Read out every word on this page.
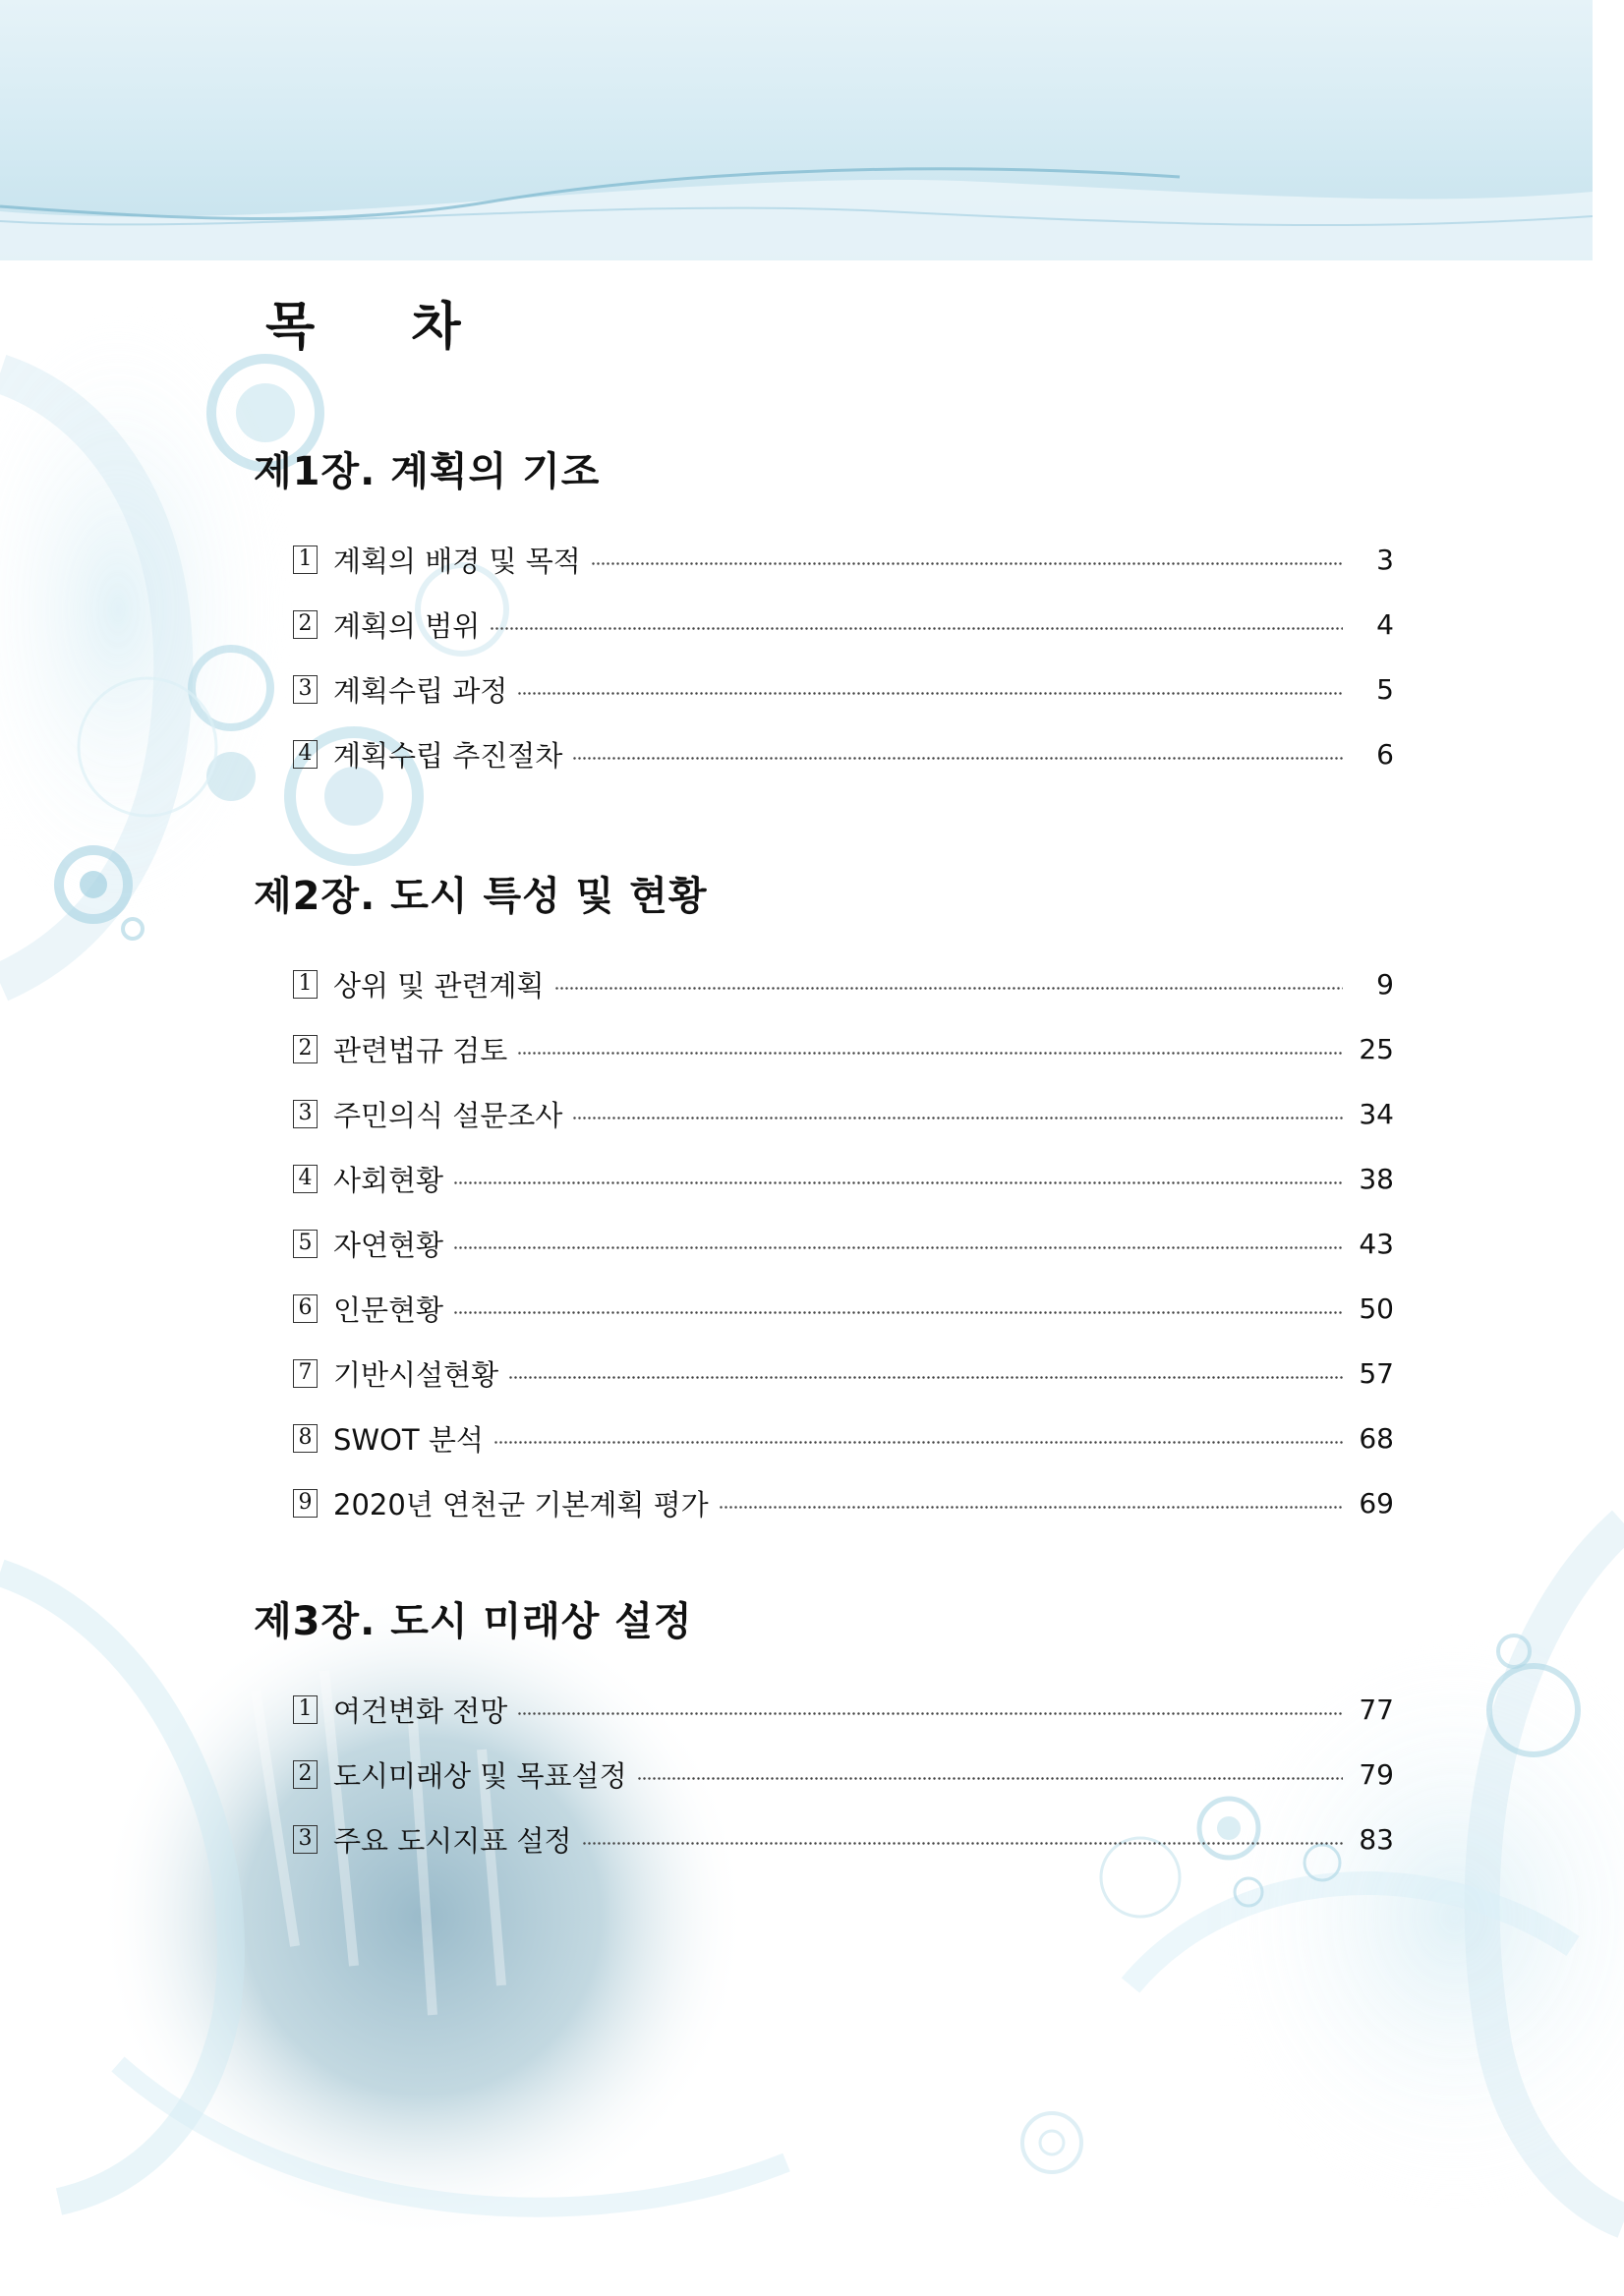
목 차
제1장. 계획의 기조
1 계획의 배경 및 목적	3
2 계획의 범위	4
3 계획수립 과정	5
4 계획수립 추진절차	6
제2장. 도시 특성 및 현황
1 상위 및 관련계획	9
2 관련법규 검토	25
3 주민의식 설문조사	34
4 사회현황	38
5 자연현황	43
6 인문현황	50
7 기반시설현황	57
8 SWOT 분석	68
9 2020년 연천군 기본계획 평가	69
제3장. 도시 미래상 설정
1 여건변화 전망	77
2 도시미래상 및 목표설정	79
3 주요 도시지표 설정	83
